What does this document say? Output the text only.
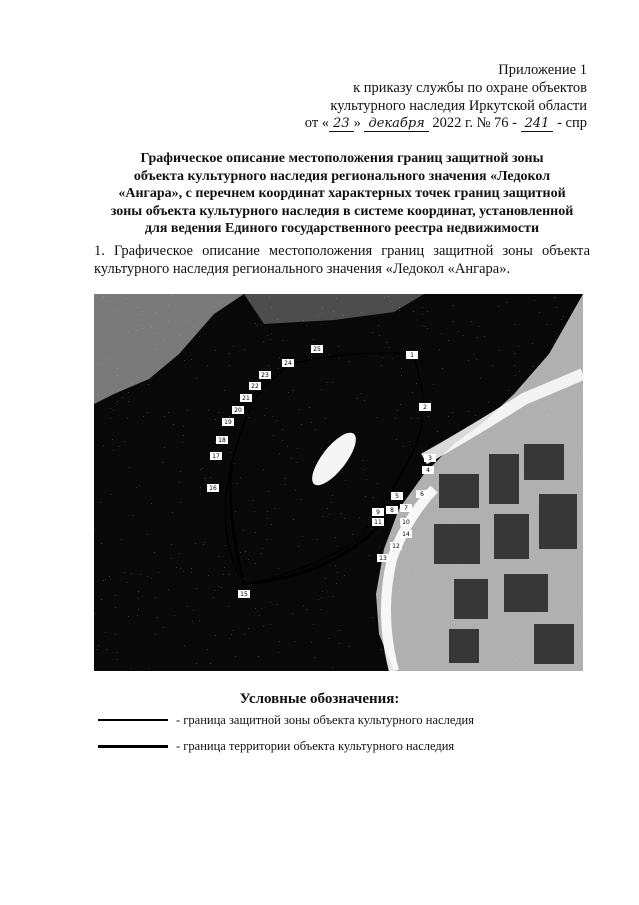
Приложение 1
к приказу службы по охране объектов
культурного наследия Иркутской области
от « 23 » декабря 2022 г. № 76 - 241 - спр
Графическое описание местоположения границ защитной зоны
объекта культурного наследия регионального значения «Ледокол
«Ангара», с перечнем координат характерных точек границ защитной
зоны объекта культурного наследия в системе координат, установленной
для ведения Единого государственного реестра недвижимости
1. Графическое описание местоположения границ защитной зоны объекта культурного наследия регионального значения «Ледокол «Ангара».
1
2
3
4
5	6
7
8
9
10
11
12
13
14
15
16
17
18
19
20
21
22
23
24
25
Условные обозначения:
- граница защитной зоны объекта культурного наследия
- граница территории объекта культурного наследия
